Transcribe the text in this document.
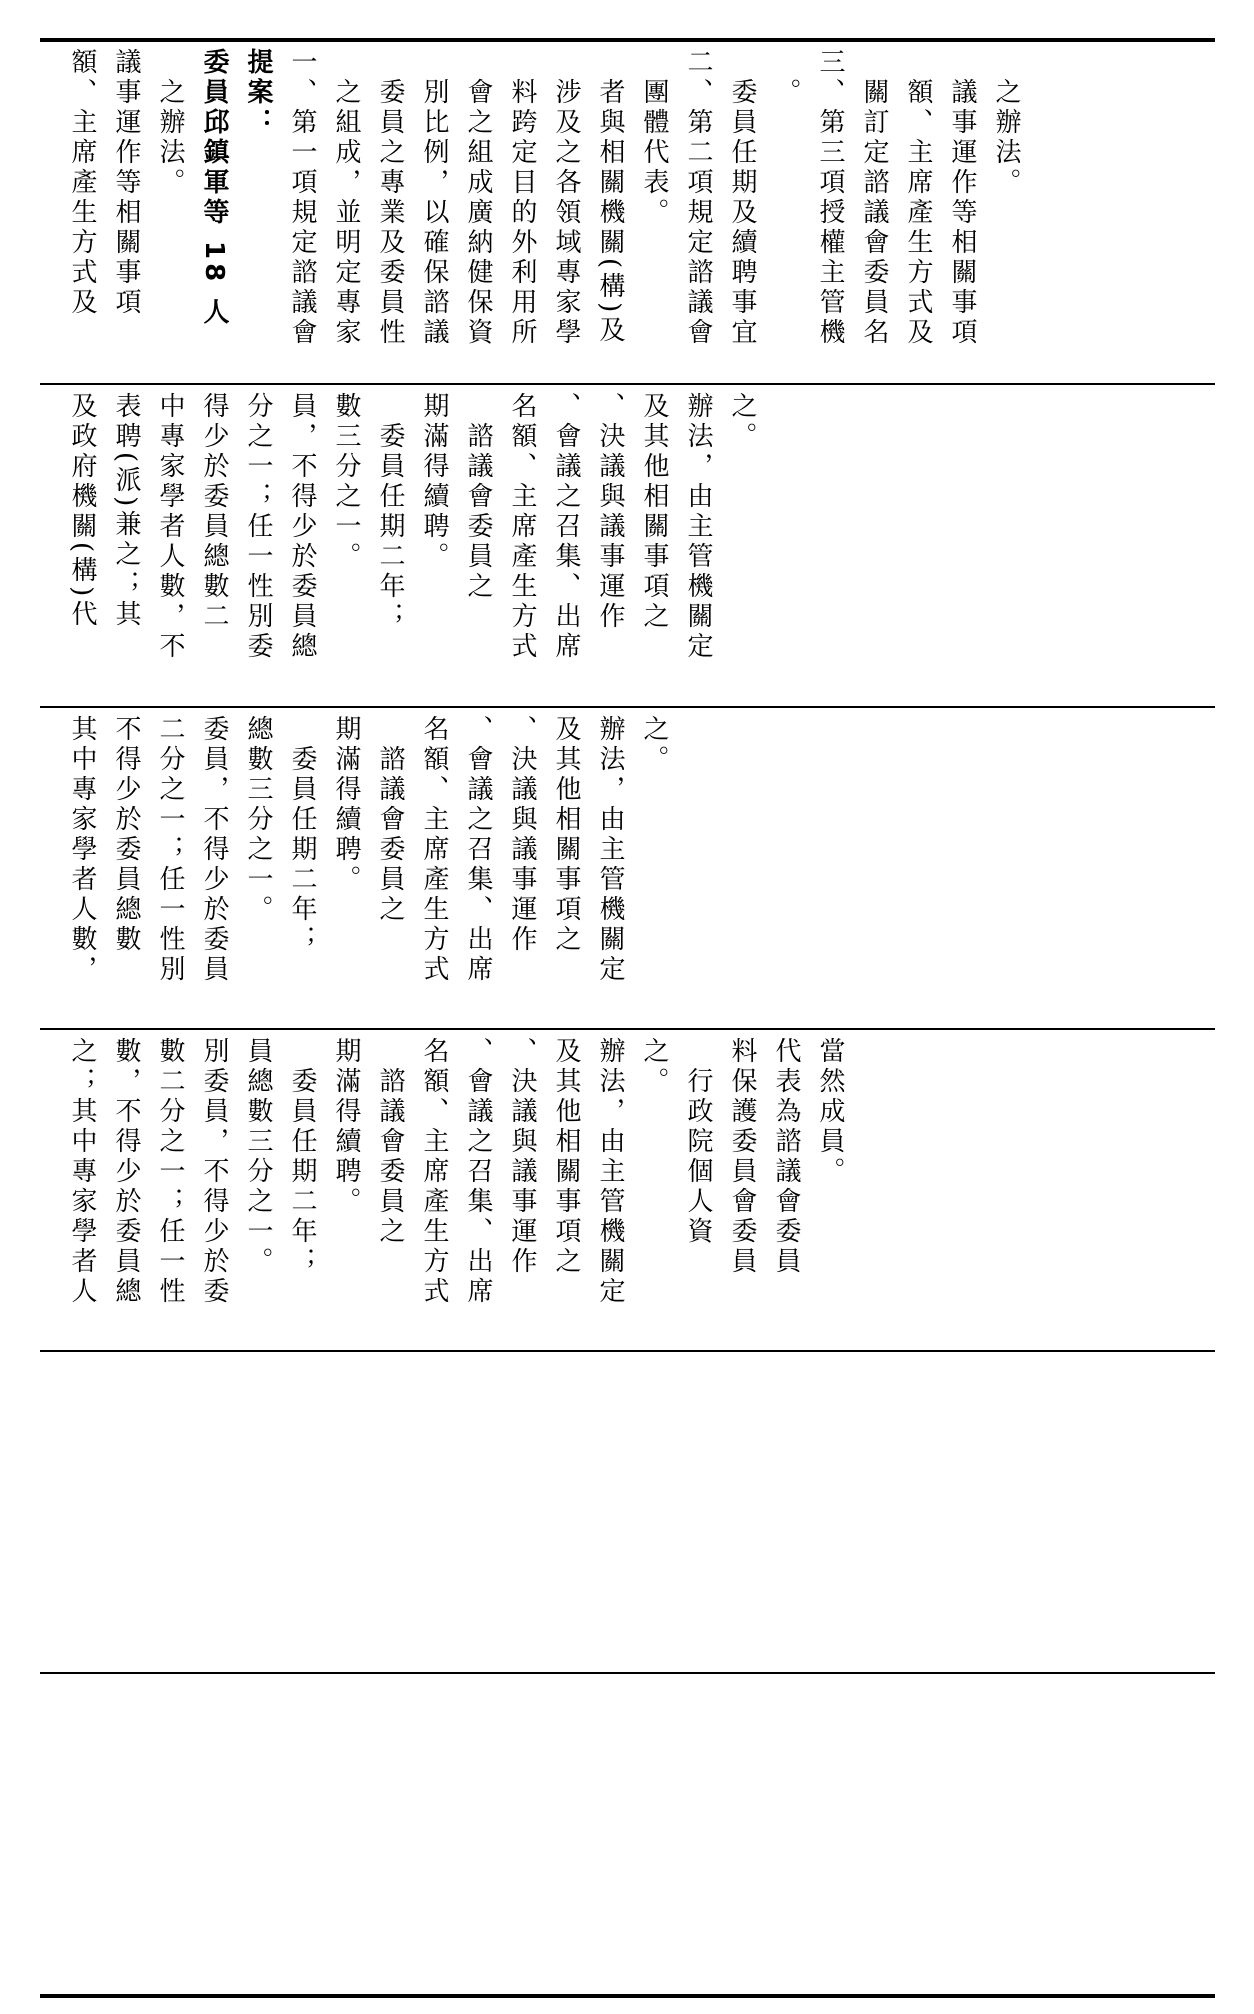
額、主席產生方式及 議事運作等相關事項 　之辦法。 委員邱鎮軍等 18 人 提案： 一、第一項規定諮議會 　之組成，並明定專家 　委員之專業及委員性 　別比例，以確保諮議 　會之組成廣納健保資 　料跨定目的外利用所 　涉及之各領域專家學 　者與相關機關(構)及 　團體代表。 二、第二項規定諮議會 　委員任期及續聘事宜 　。 三、第三項授權主管機 　關訂定諮議會委員名 　額、主席產生方式及 　議事運作等相關事項 　之辦法。
及政府機關(構)代 表聘(派)兼之；其 中專家學者人數，不 得少於委員總數二 分之一；任一性別委 員，不得少於委員總 數三分之一。 　委員任期二年； 期滿得續聘。 　諮議會委員之 名額、主席產生方式 、會議之召集、出席 、決議與議事運作 及其他相關事項之 辦法，由主管機關定 之。
其中專家學者人數， 不得少於委員總數 二分之一；任一性別 委員，不得少於委員 總數三分之一。 　委員任期二年； 期滿得續聘。 　諮議會委員之 名額、主席產生方式 、會議之召集、出席 、決議與議事運作 及其他相關事項之 辦法，由主管機關定 之。
之；其中專家學者人 數，不得少於委員總 數二分之一；任一性 別委員，不得少於委 員總數三分之一。 　委員任期二年； 期滿得續聘。 　諮議會委員之 名額、主席產生方式 、會議之召集、出席 、決議與議事運作 及其他相關事項之 辦法，由主管機關定 之。 　行政院個人資 料保護委員會委員 代表為諮議會委員 當然成員。
